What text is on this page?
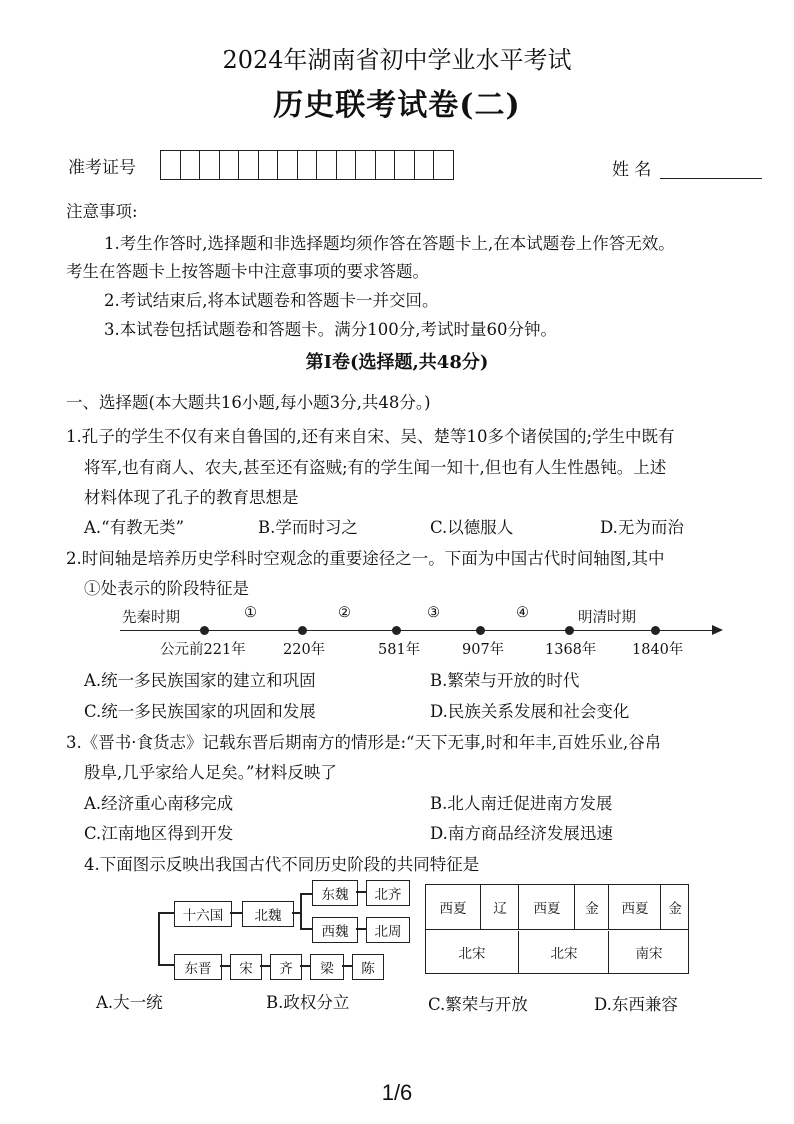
2024年湖南省初中学业水平考试
历史联考试卷(二)
准考证号	姓 名
注意事项:
1.考生作答时,选择题和非选择题均须作答在答题卡上,在本试题卷上作答无效。
考生在答题卡上按答题卡中注意事项的要求答题。
2.考试结束后,将本试题卷和答题卡一并交回。
3.本试卷包括试题卷和答题卡。满分100分,考试时量60分钟。
第Ⅰ卷(选择题,共48分)
一、选择题(本大题共16小题,每小题3分,共48分。)
1.孔子的学生不仅有来自鲁国的,还有来自宋、吴、楚等10多个诸侯国的;学生中既有
将军,也有商人、农夫,甚至还有盗贼;有的学生闻一知十,但也有人生性愚钝。上述
材料体现了孔子的教育思想是
A.“有教无类”	B.学而时习之	C.以德服人	D.无为而治
2.时间轴是培养历史学科时空观念的重要途径之一。下面为中国古代时间轴图,其中
①处表示的阶段特征是
先秦时期	①	②	③	④	明清时期
公元前221年	220年	581年	907年	1368年 1840年
A.统一多民族国家的建立和巩固	B.繁荣与开放的时代
C.统一多民族国家的巩固和发展	D.民族关系发展和社会变化
3.《晋书·食货志》记载东晋后期南方的情形是:“天下无事,时和年丰,百姓乐业,谷帛
殷阜,几乎家给人足矣。”材料反映了
A.经济重心南移完成	B.北人南迁促进南方发展
C.江南地区得到开发	D.南方商品经济发展迅速
4.下面图示反映出我国古代不同历史阶段的共同特征是
十六国	北魏
东魏	北齐
西魏	北周
东晋	宋	齐	梁	陈
西夏	辽	西夏	金	西夏	金
北宋	北宋	南宋
A.大一统	B.政权分立	C.繁荣与开放	D.东西兼容
1/6
